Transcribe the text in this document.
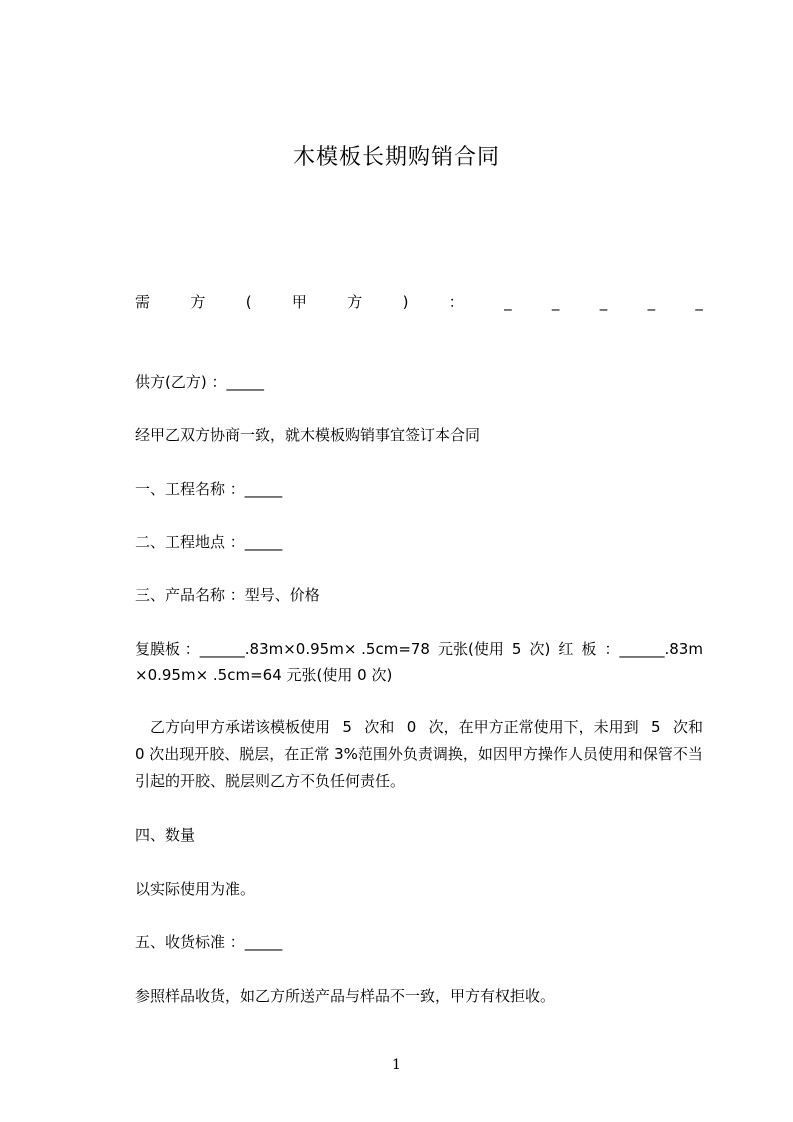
木模板长期购销合同
需	方	(	甲	方	)	：	_	_	_	_	_
供方(乙方) ：_____
经甲乙双方协商一致，就木模板购销事宜签订本合同
一、工程名称 ：_____
二、工程地点 ：_____
三、产品名称 ：型号、价格
复膜板 ：______.83m×0.95m× .5cm=78 元张(使用 5 次) 红 板 ：______.83m
×0.95m× .5cm=64 元张(使用 0 次)
乙方向甲方承诺该模板使用 5 次和 0 次，在甲方正常使用下，未用到 5 次和
0 次出现开胶、脱层，在正常 3%范围外负责调换，如因甲方操作人员使用和保管不当
引起的开胶、脱层则乙方不负任何责任。
四、数量
以实际使用为准。
五、收货标准 ：_____
参照样品收货，如乙方所送产品与样品不一致，甲方有权拒收。
1
